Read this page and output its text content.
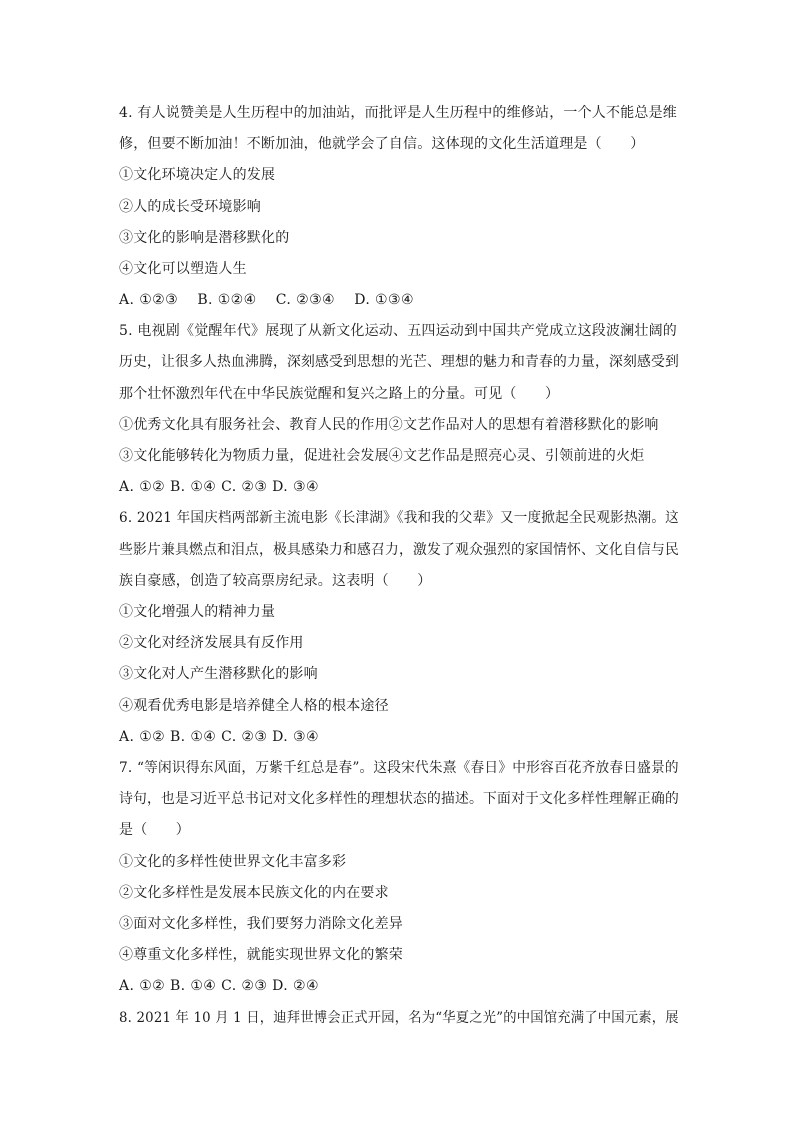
4. 有人说赞美是人生历程中的加油站，而批评是人生历程中的维修站，一个人不能总是维
修，但要不断加油！不断加油，他就学会了自信。这体现的文化生活道理是（　　）
①文化环境决定人的发展
②人的成长受环境影响
③文化的影响是潜移默化的
④文化可以塑造人生
A. ①②③　 B. ①②④　 C. ②③④　 D. ①③④
5. 电视剧《觉醒年代》展现了从新文化运动、五四运动到中国共产党成立这段波澜壮阔的
历史，让很多人热血沸腾，深刻感受到思想的光芒、理想的魅力和青春的力量，深刻感受到
那个壮怀激烈年代在中华民族觉醒和复兴之路上的分量。可见（　　）
①优秀文化具有服务社会、教育人民的作用②文艺作品对人的思想有着潜移默化的影响
③文化能够转化为物质力量，促进社会发展④文艺作品是照亮心灵、引领前进的火炬
A. ①② B. ①④ C. ②③ D. ③④
6. 2021 年国庆档两部新主流电影《长津湖》《我和我的父辈》又一度掀起全民观影热潮。这
些影片兼具燃点和泪点，极具感染力和感召力，激发了观众强烈的家国情怀、文化自信与民
族自豪感，创造了较高票房纪录。这表明（　　）
①文化增强人的精神力量
②文化对经济发展具有反作用
③文化对人产生潜移默化的影响
④观看优秀电影是培养健全人格的根本途径
A. ①② B. ①④ C. ②③ D. ③④
7. “等闲识得东风面，万紫千红总是春”。这段宋代朱熹《春日》中形容百花齐放春日盛景的
诗句，也是习近平总书记对文化多样性的理想状态的描述。下面对于文化多样性理解正确的
是（　　）
①文化的多样性使世界文化丰富多彩
②文化多样性是发展本民族文化的内在要求
③面对文化多样性，我们要努力消除文化差异
④尊重文化多样性，就能实现世界文化的繁荣
A. ①② B. ①④ C. ②③ D. ②④
8. 2021 年 10 月 1 日，迪拜世博会正式开园，名为“华夏之光”的中国馆充满了中国元素，展
